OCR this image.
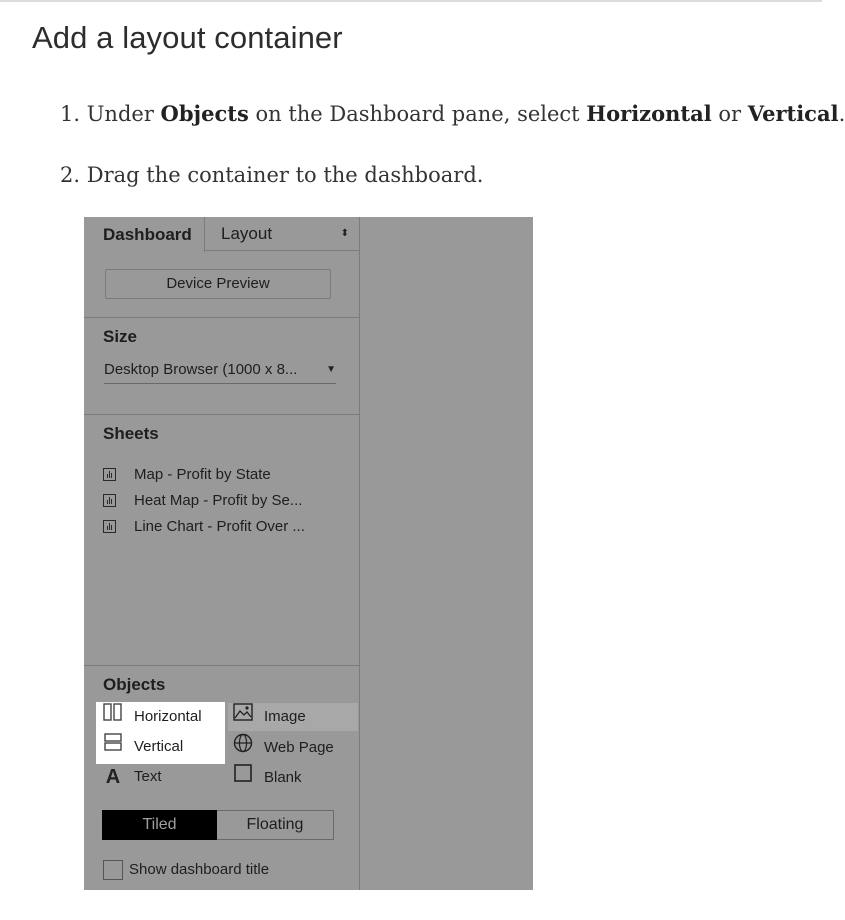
Add a layout container
1. Under Objects on the Dashboard pane, select Horizontal or Vertical.
2. Drag the container to the dashboard.
Dashboard	Layout	⬍
Device Preview
Size
Desktop Browser (1000 x 8...	▼
Sheets
Map - Profit by State
Heat Map - Profit by Se...
Line Chart - Profit Over ...
Objects
Horizontal	Image
Vertical	Web Page
A Text	Blank
Tiled	Floating
Show dashboard title
